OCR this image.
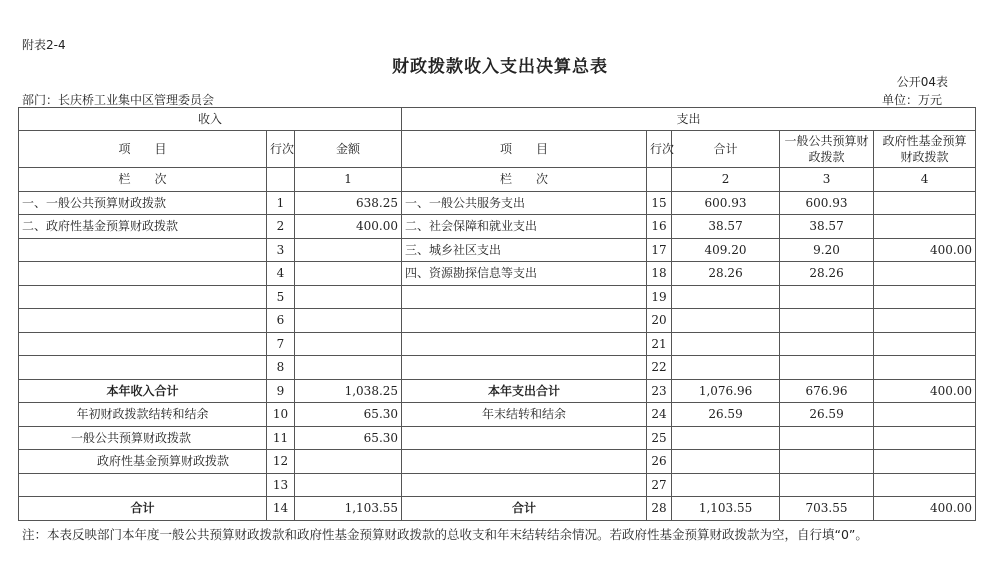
附表2-4
财政拨款收入支出决算总表
公开04表
部门：长庆桥工业集中区管理委员会	单位：万元
收入			支出				
项　　目	行次	金额	项　　目	行次	合计	一般公共预算财政拨款	政府性基金预算财政拨款
栏　　次		1	栏　　次		2	3	4
一、一般公共预算财政拨款	1	638.25	一、一般公共服务支出	15	600.93	600.93	
二、政府性基金预算财政拨款	2	400.00	二、社会保障和就业支出	16	38.57	38.57	
	3		三、城乡社区支出	17	409.20	9.20	400.00
	4		四、资源勘探信息等支出	18	28.26	28.26	
	5			19			
	6			20			
	7			21			
	8			22			
本年收入合计	9	1,038.25	本年支出合计	23	1,076.96	676.96	400.00
年初财政拨款结转和结余	10	65.30	年末结转和结余	24	26.59	26.59	
一般公共预算财政拨款	11	65.30		25			
政府性基金预算财政拨款	12			26			
	13			27			
合计	14	1,103.55	合计	28	1,103.55	703.55	400.00
注：本表反映部门本年度一般公共预算财政拨款和政府性基金预算财政拨款的总收支和年末结转结余情况。若政府性基金预算财政拨款为空，自行填“0”。
